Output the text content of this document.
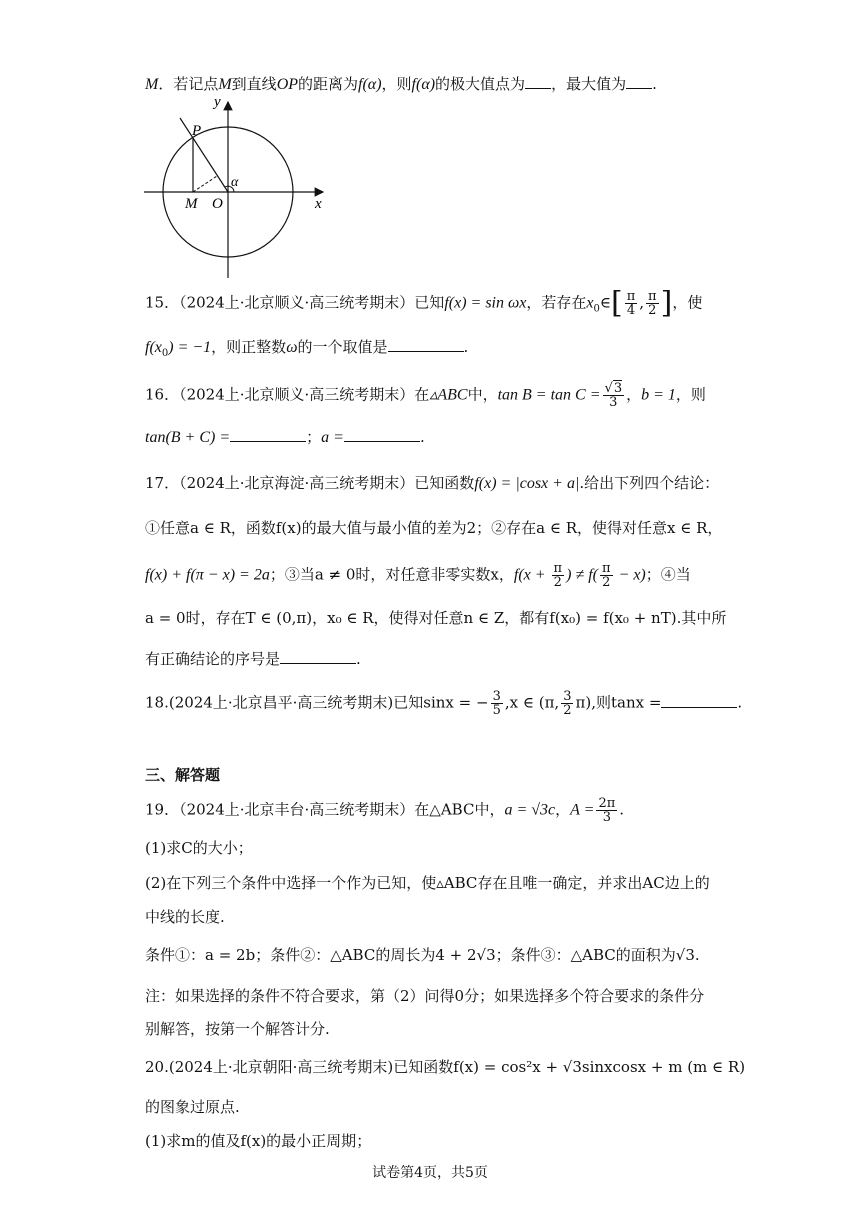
M．若记点M到直线OP的距离为f(α)，则f(α)的极大值点为 ，最大值为 .
y
x
P
M O
α
15．（2024上·北京顺义·高三统考期末）已知f(x) = sin ωx，若存在$x_0\in[ \frac{\pi}{4}$ , $\frac{\pi}{2}$ ]，使
$f(x_0) = -1$，则正整数ω的一个取值是	.
16．（2024上·北京顺义·高三统考期末）在▵ABC中，$\tan B = \tan C = \frac{√3}{3}$ ，b = 1，则
tan(B + C) =	；a =	.
17．（2024上·北京海淀·高三统考期末）已知函数f(x) = |cosx + a|.给出下列四个结论：
①任意a ∈ R，函数f(x)的最大值与最小值的差为2；②存在a ∈ R，使得对任意x ∈ R，
f(x) + f(π − x) = 2a；③当a ≠ 0时，对任意非零实数x，$f(x + \frac{\pi}{2}$ ) ≠ $f( \frac{\pi}{2} - x)$；④当
a = 0时，存在T ∈ (0,π)，x₀ ∈ R，使得对任意n ∈ Z，都有f(x₀) = f(x₀ + nT).其中所
有正确结论的序号是	.
18.(2024上·北京昌平·高三统考期末)已知sinx = − $\frac{3}{5} ,x$ ∈ (π, $\frac{3}{2} \pi$),则tanx =	.
三、解答题
19．（2024上·北京丰台·高三统考期末）在△ABC中，a = √3c，$A = \frac{2\pi}{3}$ .
(1)求C的大小；
(2)在下列三个条件中选择一个作为已知，使▵ABC存在且唯一确定，并求出AC边上的
中线的长度.
条件①：a = 2b；条件②：△ABC的周长为4 + 2√3；条件③：△ABC的面积为√3.
注：如果选择的条件不符合要求，第（2）问得0分；如果选择多个符合要求的条件分
别解答，按第一个解答计分.
20.(2024上·北京朝阳·高三统考期末)已知函数f(x) = cos²x + √3sinxcosx + m (m ∈ R)
的图象过原点.
(1)求m的值及f(x)的最小正周期；
试卷第4页，共5页
